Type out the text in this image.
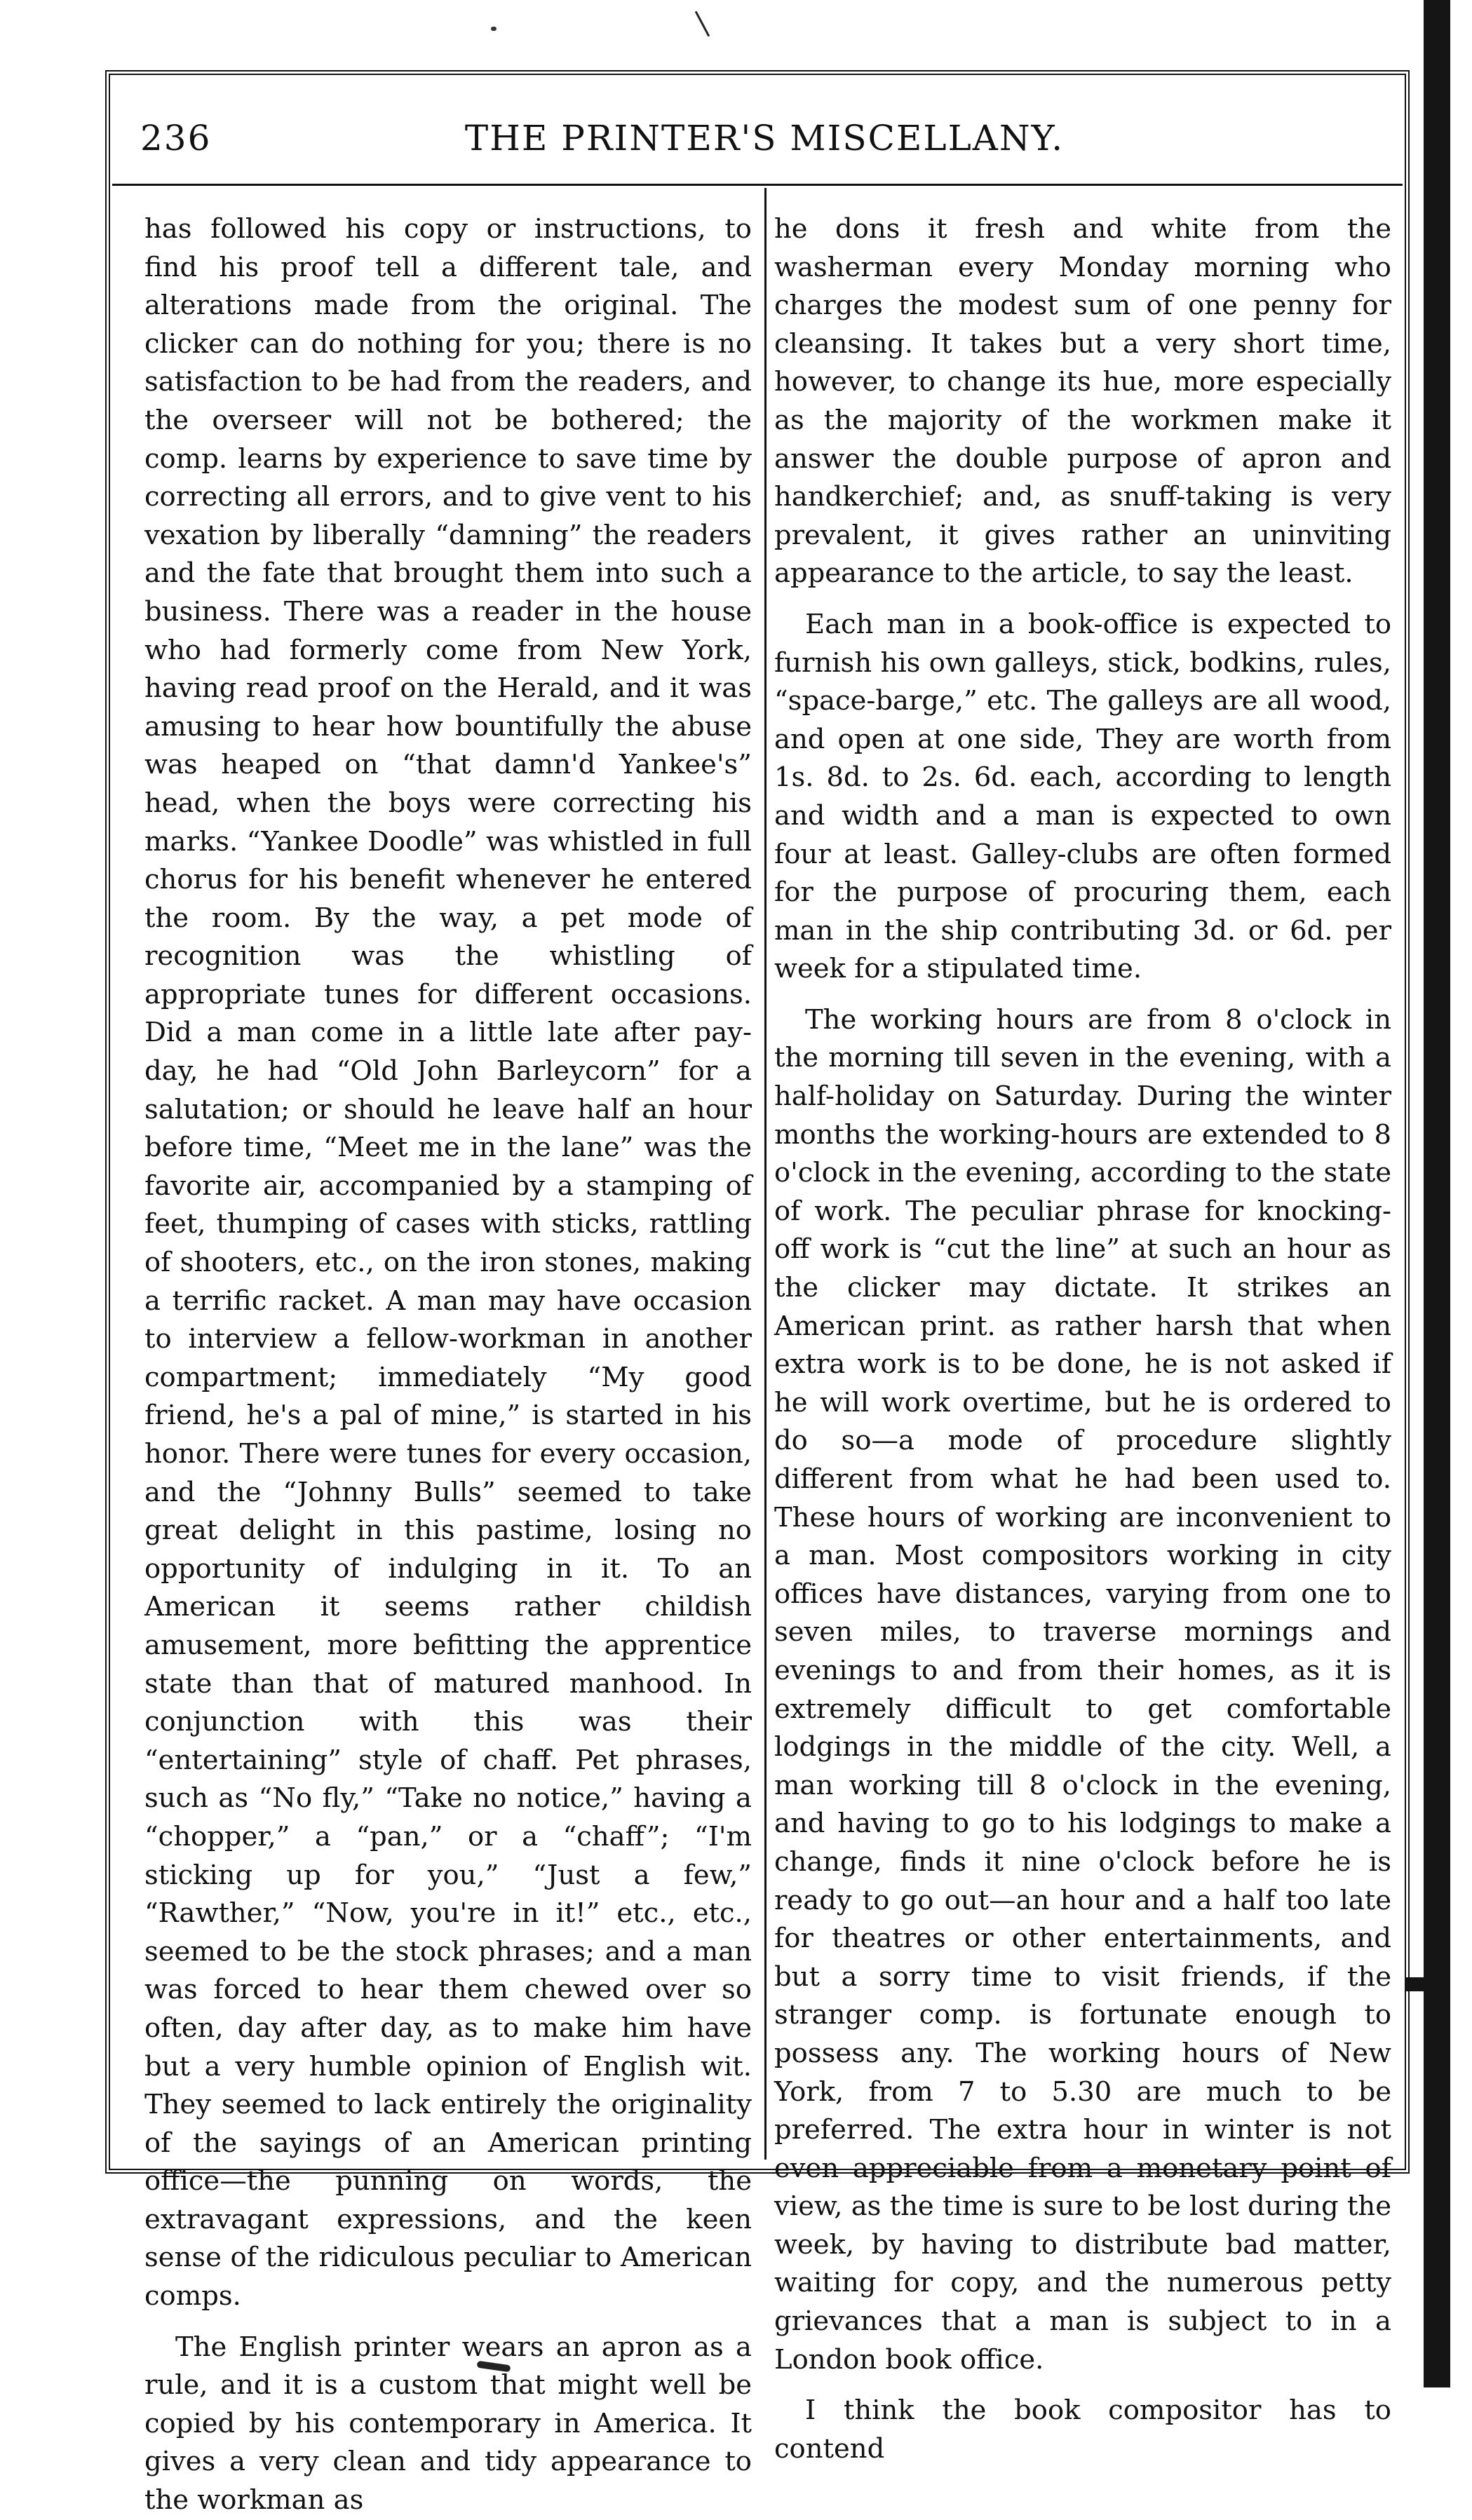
236	THE PRINTER'S MISCELLANY.

has followed his copy or instructions, to find his proof tell a different tale, and alterations made from the original. The clicker can do nothing for you; there is no satisfaction to be had from the readers, and the overseer will not be bothered; the comp. learns by experience to save time by correcting all errors, and to give vent to his vexation by liberally “damning” the readers and the fate that brought them into such a business. There was a reader in the house who had formerly come from New York, having read proof on the Herald, and it was amusing to hear how bountifully the abuse was heaped on “that damn'd Yankee's” head, when the boys were correcting his marks. “Yankee Doodle” was whistled in full chorus for his benefit whenever he entered the room. By the way, a pet mode of recognition was the whistling of appropriate tunes for different occasions. Did a man come in a little late after pay-day, he had “Old John Barleycorn” for a salutation; or should he leave half an hour before time, “Meet me in the lane” was the favorite air, accompanied by a stamping of feet, thumping of cases with sticks, rattling of shooters, etc., on the iron stones, making a terrific racket. A man may have occasion to interview a fellow-workman in another compartment; immediately “My good friend, he's a pal of mine,” is started in his honor. There were tunes for every occasion, and the “Johnny Bulls” seemed to take great delight in this pastime, losing no opportunity of indulging in it. To an American it seems rather childish amusement, more befitting the apprentice state than that of matured manhood. In conjunction with this was their “entertaining” style of chaff. Pet phrases, such as “No fly,” “Take no notice,” having a “chopper,” a “pan,” or a “chaff”; “I'm sticking up for you,” “Just a few,” “Rawther,” “Now, you're in it!” etc., etc., seemed to be the stock phrases; and a man was forced to hear them chewed over so often, day after day, as to make him have but a very humble opinion of English wit. They seemed to lack entirely the originality of the sayings of an American printing office—the punning on words, the extravagant expressions, and the keen sense of the ridiculous peculiar to American comps.

The English printer wears an apron as a rule, and it is a custom that might well be copied by his contemporary in America. It gives a very clean and tidy appearance to the workman as

he dons it fresh and white from the washerman every Monday morning who charges the modest sum of one penny for cleansing. It takes but a very short time, however, to change its hue, more especially as the majority of the workmen make it answer the double purpose of apron and handkerchief; and, as snuff-taking is very prevalent, it gives rather an uninviting appearance to the article, to say the least.

Each man in a book-office is expected to furnish his own galleys, stick, bodkins, rules, “space-barge,” etc. The galleys are all wood, and open at one side, They are worth from 1s. 8d. to 2s. 6d. each, according to length and width and a man is expected to own four at least. Galley-clubs are often formed for the purpose of procuring them, each man in the ship contributing 3d. or 6d. per week for a stipulated time.

The working hours are from 8 o'clock in the morning till seven in the evening, with a half-holiday on Saturday. During the winter months the working-hours are extended to 8 o'clock in the evening, according to the state of work. The peculiar phrase for knocking-off work is “cut the line” at such an hour as the clicker may dictate. It strikes an American print. as rather harsh that when extra work is to be done, he is not asked if he will work overtime, but he is ordered to do so—a mode of procedure slightly different from what he had been used to. These hours of working are inconvenient to a man. Most compositors working in city offices have distances, varying from one to seven miles, to traverse mornings and evenings to and from their homes, as it is extremely difficult to get comfortable lodgings in the middle of the city. Well, a man working till 8 o'clock in the evening, and having to go to his lodgings to make a change, finds it nine o'clock before he is ready to go out—an hour and a half too late for theatres or other entertainments, and but a sorry time to visit friends, if the stranger comp. is fortunate enough to possess any. The working hours of New York, from 7 to 5.30 are much to be preferred. The extra hour in winter is not even appreciable from a monetary point of view, as the time is sure to be lost during the week, by having to distribute bad matter, waiting for copy, and the numerous petty grievances that a man is subject to in a London book office.

I think the book compositor has to contend
